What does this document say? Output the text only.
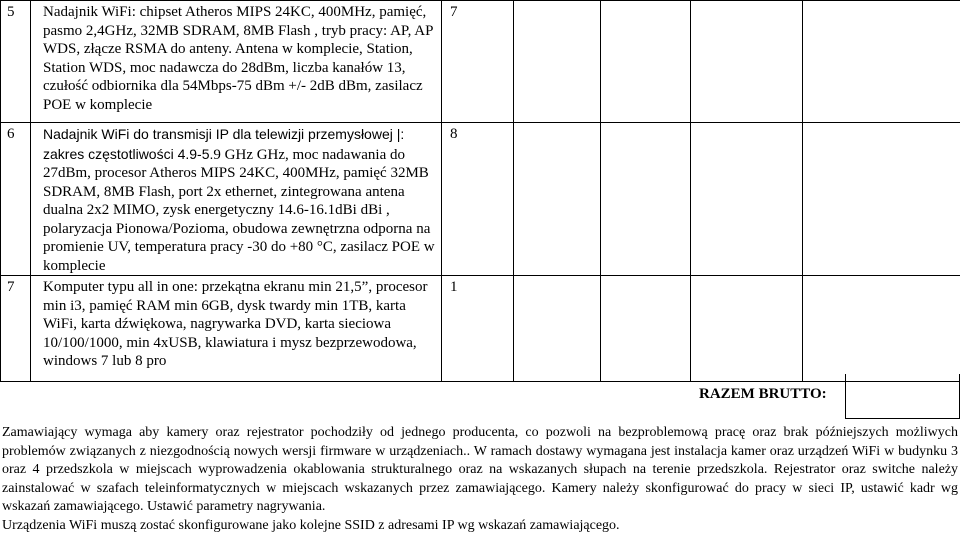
5	Nadajnik WiFi: chipset Atheros MIPS 24KC, 400MHz, pamięć, pasmo 2,4GHz, 32MB SDRAM, 8MB Flash , tryb pracy: AP, AP WDS, złącze RSMA do anteny. Antena w komplecie, Station, Station WDS, moc nadawcza do 28dBm, liczba kanałów 13, czułość odbiornika dla 54Mbps-75 dBm +/- 2dB dBm, zasilacz POE w komplecie	7				
6	Nadajnik WiFi do transmisji IP dla telewizji przemysłowej |: zakres częstotliwości 4.9-5.9 GHz GHz, moc nadawania do 27dBm, procesor Atheros MIPS 24KC, 400MHz, pamięć 32MB SDRAM, 8MB Flash, port 2x ethernet, zintegrowana antena dualna 2x2 MIMO, zysk energetyczny 14.6-16.1dBi dBi , polaryzacja Pionowa/Pozioma, obudowa zewnętrzna odporna na promienie UV, temperatura pracy -30 do +80 °C, zasilacz POE w komplecie	8				
7	Komputer typu all in one: przekątna ekranu min 21,5”, procesor min i3, pamięć RAM min 6GB, dysk twardy min 1TB, karta WiFi, karta dźwiękowa, nagrywarka DVD, karta sieciowa 10/100/1000, min 4xUSB, klawiatura i mysz bezprzewodowa, windows 7 lub 8 pro	1				
RAZEM BRUTTO:

Zamawiający wymaga aby kamery oraz rejestrator pochodziły od jednego producenta, co pozwoli na bezproblemową pracę oraz brak późniejszych możliwych problemów związanych z niezgodnością nowych wersji firmware w urządzeniach.. W ramach dostawy wymagana jest instalacja kamer oraz urządzeń WiFi w budynku 3 oraz 4 przedszkola w miejscach wyprowadzenia okablowania strukturalnego oraz na wskazanych słupach na terenie przedszkola. Rejestrator oraz switche należy zainstalować w szafach teleinformatycznych w miejscach wskazanych przez zamawiającego. Kamery należy skonfigurować do pracy w sieci IP, ustawić kadr wg wskazań zamawiającego. Ustawić parametry nagrywania.

Urządzenia WiFi muszą zostać skonfigurowane jako kolejne SSID z adresami IP wg wskazań zamawiającego.
